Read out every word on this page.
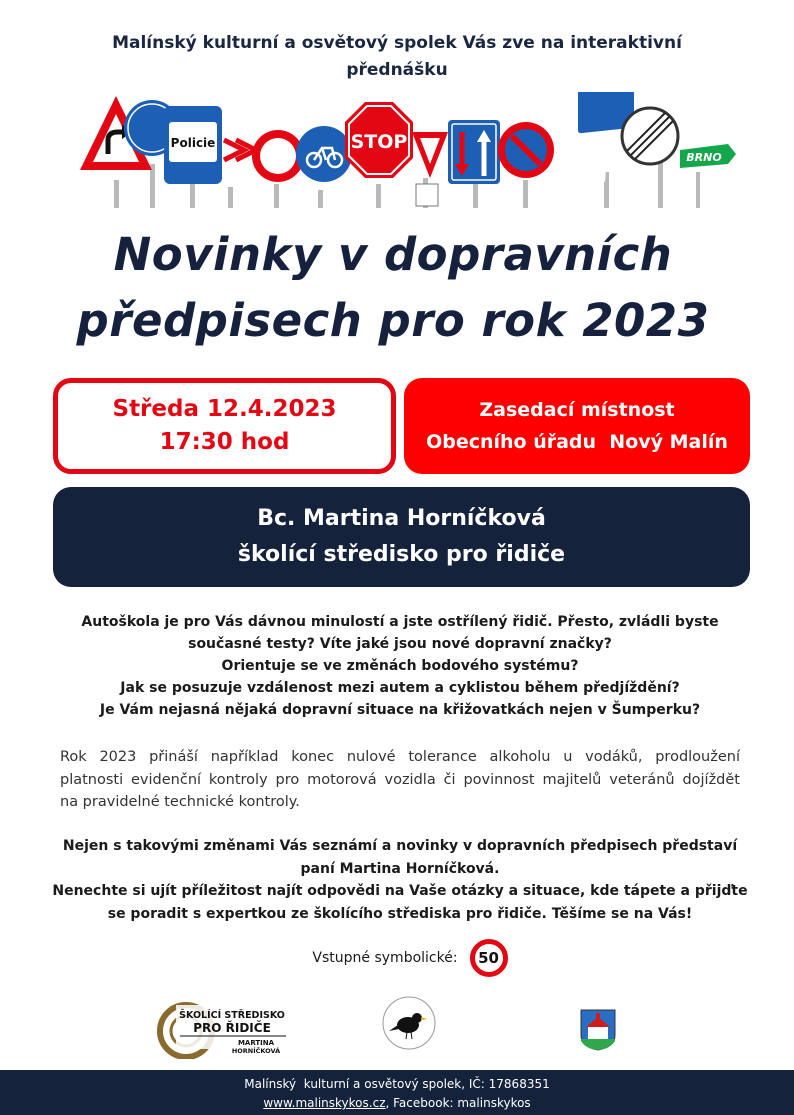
Malínský kulturní a osvětový spolek Vás zve na interaktivní
přednášku
Policie	STOP
BRNO
Novinky v dopravních
předpisech pro rok 2023
Středa 12.4.2023
17:30 hod
Zasedací místnost
Obecního úřadu  Nový Malín
Bc. Martina Horníčková
školící středisko pro řidiče
Autoškola je pro Vás dávnou minulostí a jste ostřílený řidič. Přesto, zvládli byste
současné testy? Víte jaké jsou nové dopravní značky?
Orientuje se ve změnách bodového systému?
Jak se posuzuje vzdálenost mezi autem a cyklistou během předjíždění?
Je Vám nejasná nějaká dopravní situace na křižovatkách nejen v Šumperku?
Rok 2023 přináší například konec nulové tolerance alkoholu u vodáků, prodloužení
platnosti evidenční kontroly pro motorová vozidla či povinnost majitelů veteránů dojíždět
na pravidelné technické kontroly.
Nejen s takovými změnami Vás seznámí a novinky v dopravních předpisech představí
paní Martina Horníčková.
Nenechte si ujít příležitost najít odpovědi na Vaše otázky a situace, kde tápete a přijďte
se poradit s expertkou ze školícího střediska pro řidiče. Těšíme se na Vás!
Vstupné symbolické: 50
ŠKOLÍCÍ STŘEDISKO
PRO ŘIDIČE
MARTINA
HORNÍČKOVÁ
Malínský  kulturní a osvětový spolek, IČ: 17868351
www.malinskykos.cz, Facebook: malinskykos
